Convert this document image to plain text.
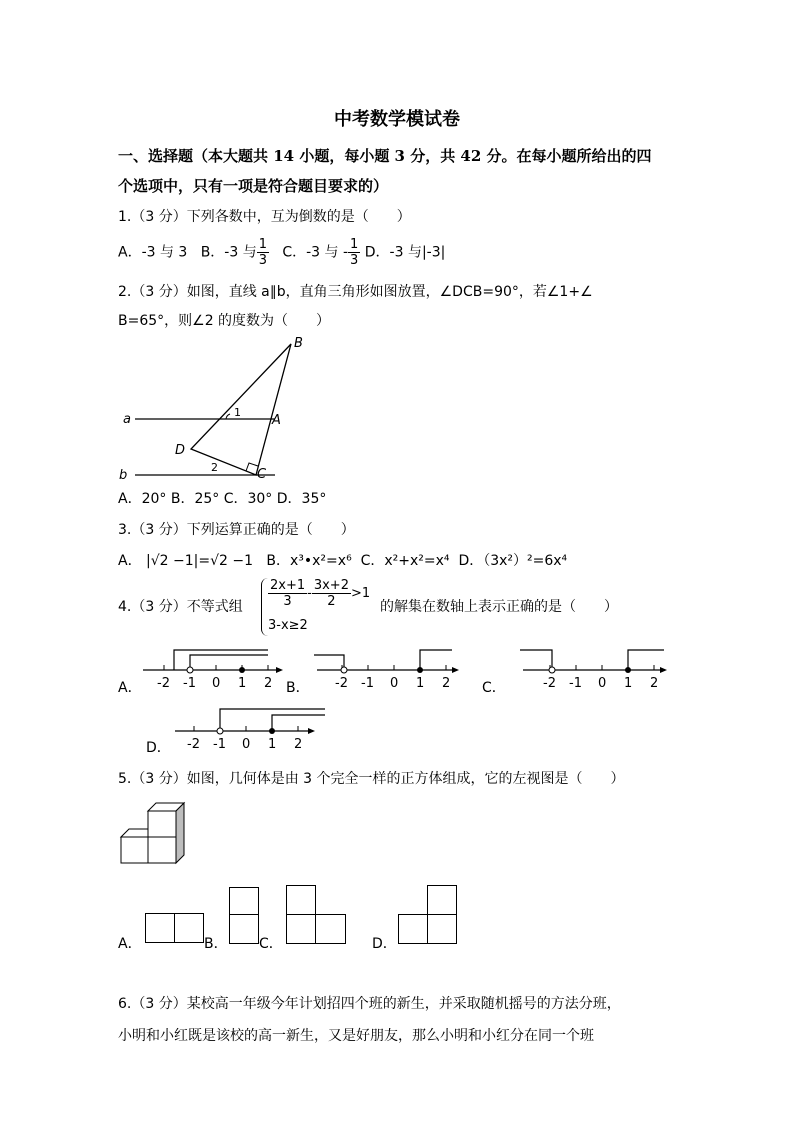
中考数学模试卷
一、选择题（本大题共 14 小题，每小题 3 分，共 42 分。在每小题所给出的四
个选项中，只有一项是符合题目要求的）
1.（3 分）下列各数中，互为倒数的是（　　）
A．-3 与 3 B．-3 与 $\frac{1}{3}$ C．-3 与 - $\frac{1}{3}$ D．-3 与|-3|
2.（3 分）如图，直线 a∥b，直角三角形如图放置，∠DCB=90°，若∠1+∠
B=65°，则∠2 的度数为（　　）
a
b
B
A
D
C
1
2
A．20° B．25° C．30° D．35°
3.（3 分）下列运算正确的是（　　）
A． |√2 −1|=√2 −1 B．x³•x²=x⁶ C．x²+x²=x⁴ D．（3x²）²=6x⁴
4.（3 分）不等式组 $\frac{2x+1}{3} - \frac{3x+2}{2} >1$
3-x≥2
的解集在数轴上表示正确的是（　　）
A． -2 -1 0 1 2 B． -2 -1 0 1 2 C．	-2 -1 0 1 2
D． -2 -1 0 1 2
5.（3 分）如图，几何体是由 3 个完全一样的正方体组成，它的左视图是（　　）
A．	B． C．	D．
6.（3 分）某校高一年级今年计划招四个班的新生，并采取随机摇号的方法分班，
小明和小红既是该校的高一新生，又是好朋友，那么小明和小红分在同一个班
